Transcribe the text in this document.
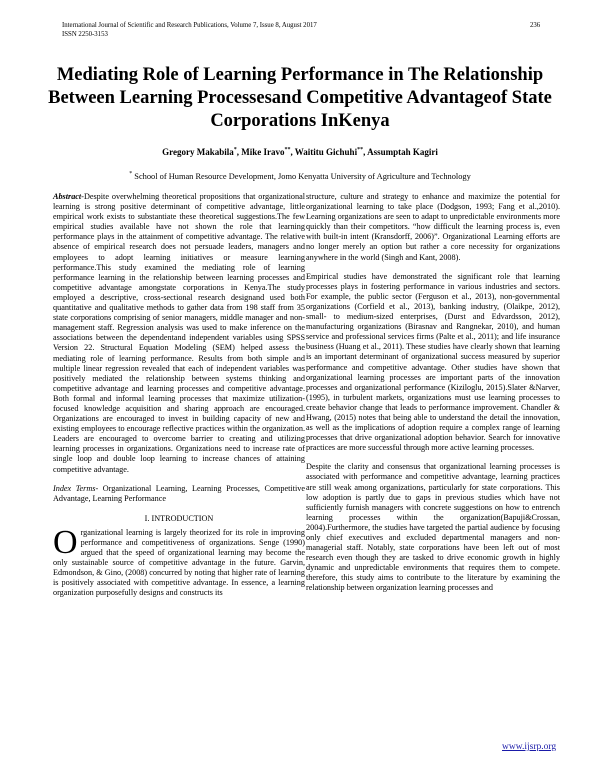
International Journal of Scientific and Research Publications, Volume 7, Issue 8, August 2017
ISSN 2250-3153
236
Mediating Role of Learning Performance in The Relationship Between Learning Processesand Competitive Advantageof State Corporations InKenya
Gregory Makabila*, Mike Iravo**, Waititu Gichuhi**, Assumptah Kagiri
* School of Human Resource Development, Jomo Kenyatta University of Agriculture and Technology

Abstract-Despite overwhelming theoretical propositions that organizational learning is strong positive determinant of competitive advantage, little empirical work exists to substantiate these theoretical suggestions.The few empirical studies available have not shown the role that learning performance plays in the attainment of competitive advantage. The relative absence of empirical research does not persuade leaders, managers and employees to adopt learning initiatives or measure learning performance.This study examined the mediating role of learning performance learning in the relationship between learning processes and competitive advantage amongstate corporations in Kenya.The study employed a descriptive, cross-sectional research designand used both quantitative and qualitative methods to gather data from 198 staff from 35 state corporations comprising of senior managers, middle manager and non-management staff. Regression analysis was used to make inference on the associations between the dependentand independent variables using SPSS Version 22. Structural Equation Modeling (SEM) helped assess the mediating role of learning performance. Results from both simple and multiple linear regression revealed that each of independent variables was positively mediated the relationship between systems thinking and competitive advantage and learning processes and competitive advantage. Both formal and informal learning processes that maximize utilization-focused knowledge acquisition and sharing approach are encouraged. Organizations are encouraged to invest in building capacity of new and existing employees to encourage reflective practices within the organization. Leaders are encouraged to overcome barrier to creating and utilizing learning processes in organizations. Organizations need to increase rate of single loop and double loop learning to increase chances of attaining competitive advantage.

Index Terms- Organizational Learning, Learning Processes, Competitive Advantage, Learning Performance

I. INTRODUCTION

Organizational learning is largely theorized for its role in improving performance and competitiveness of organizations. Senge (1990) argued that the speed of organizational learning may become the only sustainable source of competitive advantage in the future. Garvin, Edmondson, & Gino, (2008) concurred by noting that higher rate of learning is positively associated with competitive advantage. In essence, a learning organization purposefully designs and constructs its

structure, culture and strategy to enhance and maximize the potential for organizational learning to take place (Dodgson, 1993; Fang et al.,2010). Learning organizations are seen to adapt to unpredictable environments more quickly than their competitors. “how difficult the learning process is, even with built-in intent (Kransdorff, 2006)”. Organizational Learning efforts are no longer merely an option but rather a core necessity for organizations anywhere in the world (Singh and Kant, 2008).

Empirical studies have demonstrated the significant role that learning processes plays in fostering performance in various industries and sectors. For example, the public sector (Ferguson et al., 2013), non-governmental organizations (Corfield et al., 2013), banking industry, (Olaikpe, 2012), small- to medium-sized enterprises, (Durst and Edvardsson, 2012), manufacturing organizations (Birasnav and Rangnekar, 2010), and human service and professional services firms (Palte et al., 2011); and life insurance business (Huang et al., 2011). These studies have clearly shown that learning is an important determinant of organizational success measured by superior performance and competitive advantage. Other studies have shown that organizational learning processes are important parts of the innovation processes and organizational performance (Kiziloglu, 2015).Slater &Narver, (1995), in turbulent markets, organizations must use learning processes to create behavior change that leads to performance improvement. Chandler & Hwang, (2015) notes that being able to understand the detail the innovation, as well as the implications of adoption require a complex range of learning processes that drive organizational adoption behavior. Search for innovative practices are more successful through more active learning processes.

Despite the clarity and consensus that organizational learning processes is associated with performance and competitive advantage, learning practices are still weak among organizations, particularly for state corporations. This low adoption is partly due to gaps in previous studies which have not sufficiently furnish managers with concrete suggestions on how to entrench learning processes within the organization(Bapuji&Crossan, 2004).Furthermore, the studies have targeted the partial audience by focusing only chief executives and excluded departmental managers and non-managerial staff. Notably, state corporations have been left out of most research even though they are tasked to drive economic growth in highly dynamic and unpredictable environments that requires them to compete. therefore, this study aims to contribute to the literature by examining the relationship between organization learning processes and

www.ijsrp.org
